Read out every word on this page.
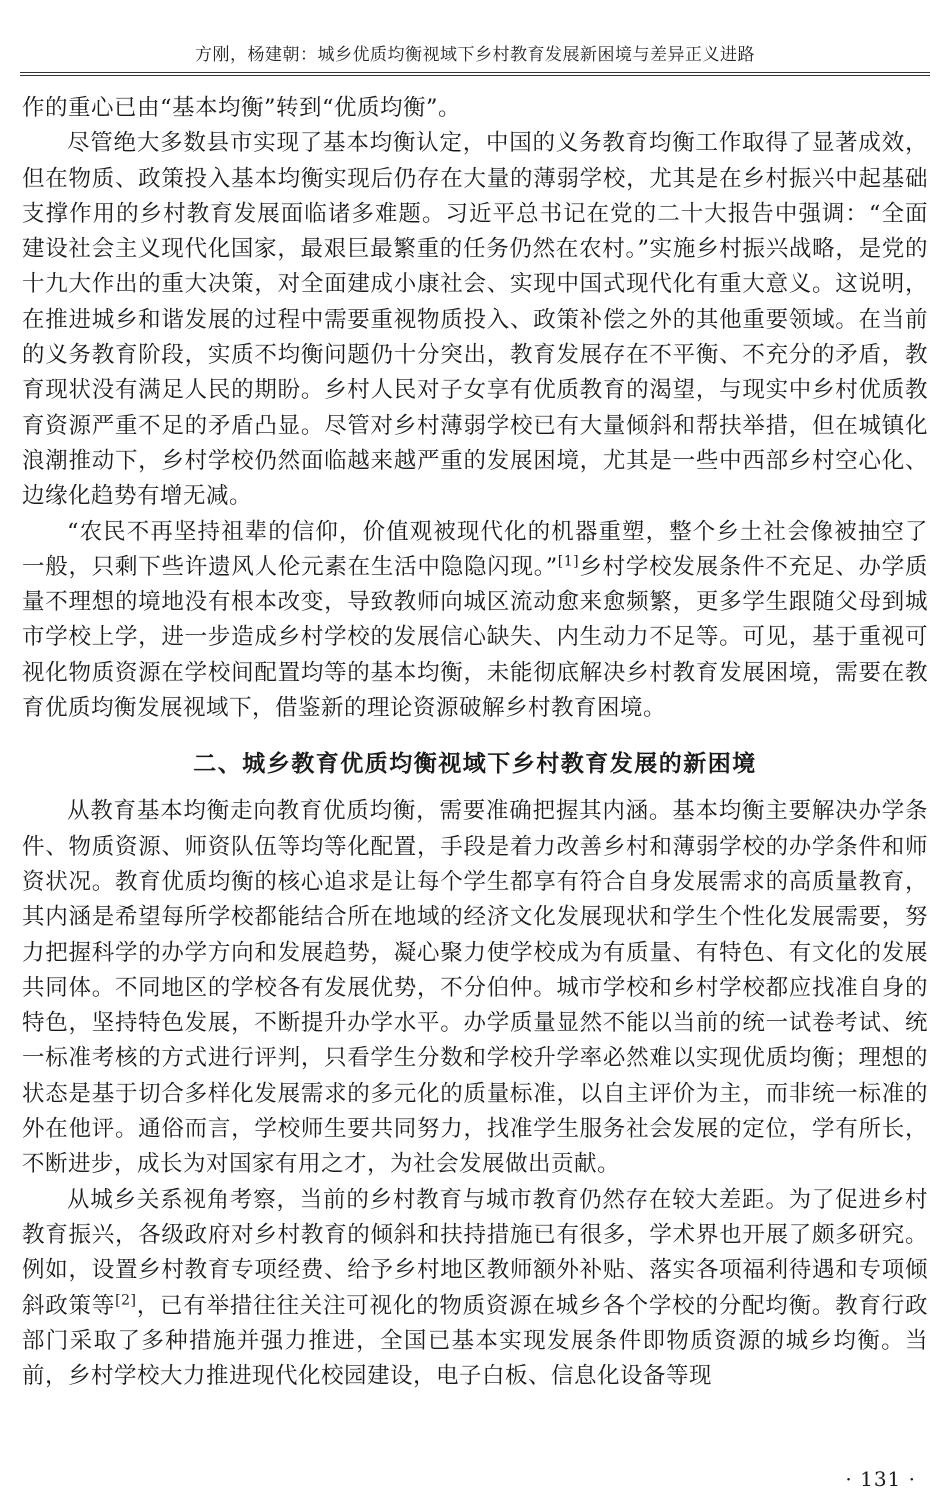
方刚，杨建朝：城乡优质均衡视域下乡村教育发展新困境与差异正义进路

作的重心已由“基本均衡”转到“优质均衡”。

尽管绝大多数县市实现了基本均衡认定，中国的义务教育均衡工作取得了显著成效，但在物质、政策投入基本均衡实现后仍存在大量的薄弱学校，尤其是在乡村振兴中起基础支撑作用的乡村教育发展面临诸多难题。习近平总书记在党的二十大报告中强调：“全面建设社会主义现代化国家，最艰巨最繁重的任务仍然在农村。”实施乡村振兴战略，是党的十九大作出的重大决策，对全面建成小康社会、实现中国式现代化有重大意义。这说明，在推进城乡和谐发展的过程中需要重视物质投入、政策补偿之外的其他重要领域。在当前的义务教育阶段，实质不均衡问题仍十分突出，教育发展存在不平衡、不充分的矛盾，教育现状没有满足人民的期盼。乡村人民对子女享有优质教育的渴望，与现实中乡村优质教育资源严重不足的矛盾凸显。尽管对乡村薄弱学校已有大量倾斜和帮扶举措，但在城镇化浪潮推动下，乡村学校仍然面临越来越严重的发展困境，尤其是一些中西部乡村空心化、边缘化趋势有增无减。

“农民不再坚持祖辈的信仰，价值观被现代化的机器重塑，整个乡土社会像被抽空了一般，只剩下些许遗风人伦元素在生活中隐隐闪现。”[1]乡村学校发展条件不充足、办学质量不理想的境地没有根本改变，导致教师向城区流动愈来愈频繁，更多学生跟随父母到城市学校上学，进一步造成乡村学校的发展信心缺失、内生动力不足等。可见，基于重视可视化物质资源在学校间配置均等的基本均衡，未能彻底解决乡村教育发展困境，需要在教育优质均衡发展视域下，借鉴新的理论资源破解乡村教育困境。

二、城乡教育优质均衡视域下乡村教育发展的新困境

从教育基本均衡走向教育优质均衡，需要准确把握其内涵。基本均衡主要解决办学条件、物质资源、师资队伍等均等化配置，手段是着力改善乡村和薄弱学校的办学条件和师资状况。教育优质均衡的核心追求是让每个学生都享有符合自身发展需求的高质量教育，其内涵是希望每所学校都能结合所在地域的经济文化发展现状和学生个性化发展需要，努力把握科学的办学方向和发展趋势，凝心聚力使学校成为有质量、有特色、有文化的发展共同体。不同地区的学校各有发展优势，不分伯仲。城市学校和乡村学校都应找准自身的特色，坚持特色发展，不断提升办学水平。办学质量显然不能以当前的统一试卷考试、统一标准考核的方式进行评判，只看学生分数和学校升学率必然难以实现优质均衡；理想的状态是基于切合多样化发展需求的多元化的质量标准，以自主评价为主，而非统一标准的外在他评。通俗而言，学校师生要共同努力，找准学生服务社会发展的定位，学有所长，不断进步，成长为对国家有用之才，为社会发展做出贡献。

从城乡关系视角考察，当前的乡村教育与城市教育仍然存在较大差距。为了促进乡村教育振兴，各级政府对乡村教育的倾斜和扶持措施已有很多，学术界也开展了颇多研究。例如，设置乡村教育专项经费、给予乡村地区教师额外补贴、落实各项福利待遇和专项倾斜政策等[2]，已有举措往往关注可视化的物质资源在城乡各个学校的分配均衡。教育行政部门采取了多种措施并强力推进，全国已基本实现发展条件即物质资源的城乡均衡。当前，乡村学校大力推进现代化校园建设，电子白板、信息化设备等现

· 131 ·
